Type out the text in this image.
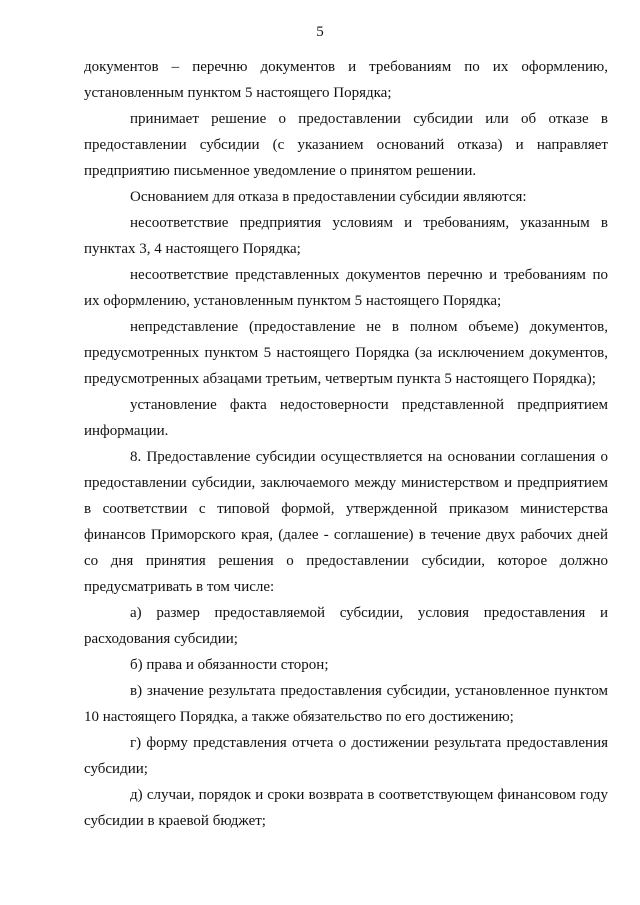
5

документов – перечню документов и требованиям по их оформлению, установленным пунктом 5 настоящего Порядка;

принимает решение о предоставлении субсидии или об отказе в предоставлении субсидии (с указанием оснований отказа) и направляет предприятию письменное уведомление о принятом решении.

Основанием для отказа в предоставлении субсидии являются:

несоответствие предприятия условиям и требованиям, указанным в пунктах 3, 4 настоящего Порядка;

несоответствие представленных документов перечню и требованиям по их оформлению, установленным пунктом 5 настоящего Порядка;

непредставление (предоставление не в полном объеме) документов, предусмотренных пунктом 5 настоящего Порядка (за исключением документов, предусмотренных абзацами третьим, четвертым пункта 5 настоящего Порядка);

установление факта недостоверности представленной предприятием информации.

8. Предоставление субсидии осуществляется на основании соглашения о предоставлении субсидии, заключаемого между министерством и предприятием в соответствии с типовой формой, утвержденной приказом министерства финансов Приморского края, (далее - соглашение) в течение двух рабочих дней со дня принятия решения о предоставлении субсидии, которое должно предусматривать в том числе:

а) размер предоставляемой субсидии, условия предоставления и расходования субсидии;

б) права и обязанности сторон;

в) значение результата предоставления субсидии, установленное пунктом 10 настоящего Порядка, а также обязательство по его достижению;

г) форму представления отчета о достижении результата предоставления субсидии;

д) случаи, порядок и сроки возврата в соответствующем финансовом году субсидии в краевой бюджет;
